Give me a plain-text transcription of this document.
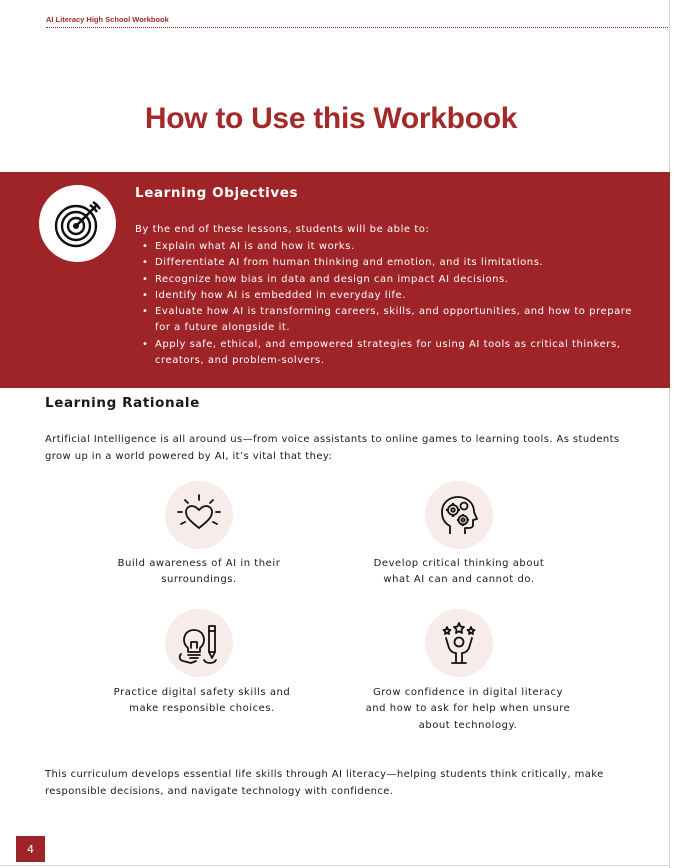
AI Literacy High School Workbook
How to Use this Workbook
Learning Objectives
By the end of these lessons, students will be able to:
• Explain what AI is and how it works.
• Differentiate AI from human thinking and emotion, and its limitations.
• Recognize how bias in data and design can impact AI decisions.
• Identify how AI is embedded in everyday life.
• Evaluate how AI is transforming careers, skills, and opportunities, and how to prepare for a future alongside it.
• Apply safe, ethical, and empowered strategies for using AI tools as critical thinkers, creators, and problem-solvers.
Learning Rationale
Artificial Intelligence is all around us—from voice assistants to online games to learning tools. As students grow up in a world powered by AI, it’s vital that they:
Build awareness of AI in their surroundings.
Develop critical thinking about what AI can and cannot do.
Practice digital safety skills and make responsible choices.
Grow confidence in digital literacy and how to ask for help when unsure about technology.
This curriculum develops essential life skills through AI literacy—helping students think critically, make responsible decisions, and navigate technology with confidence.
4
